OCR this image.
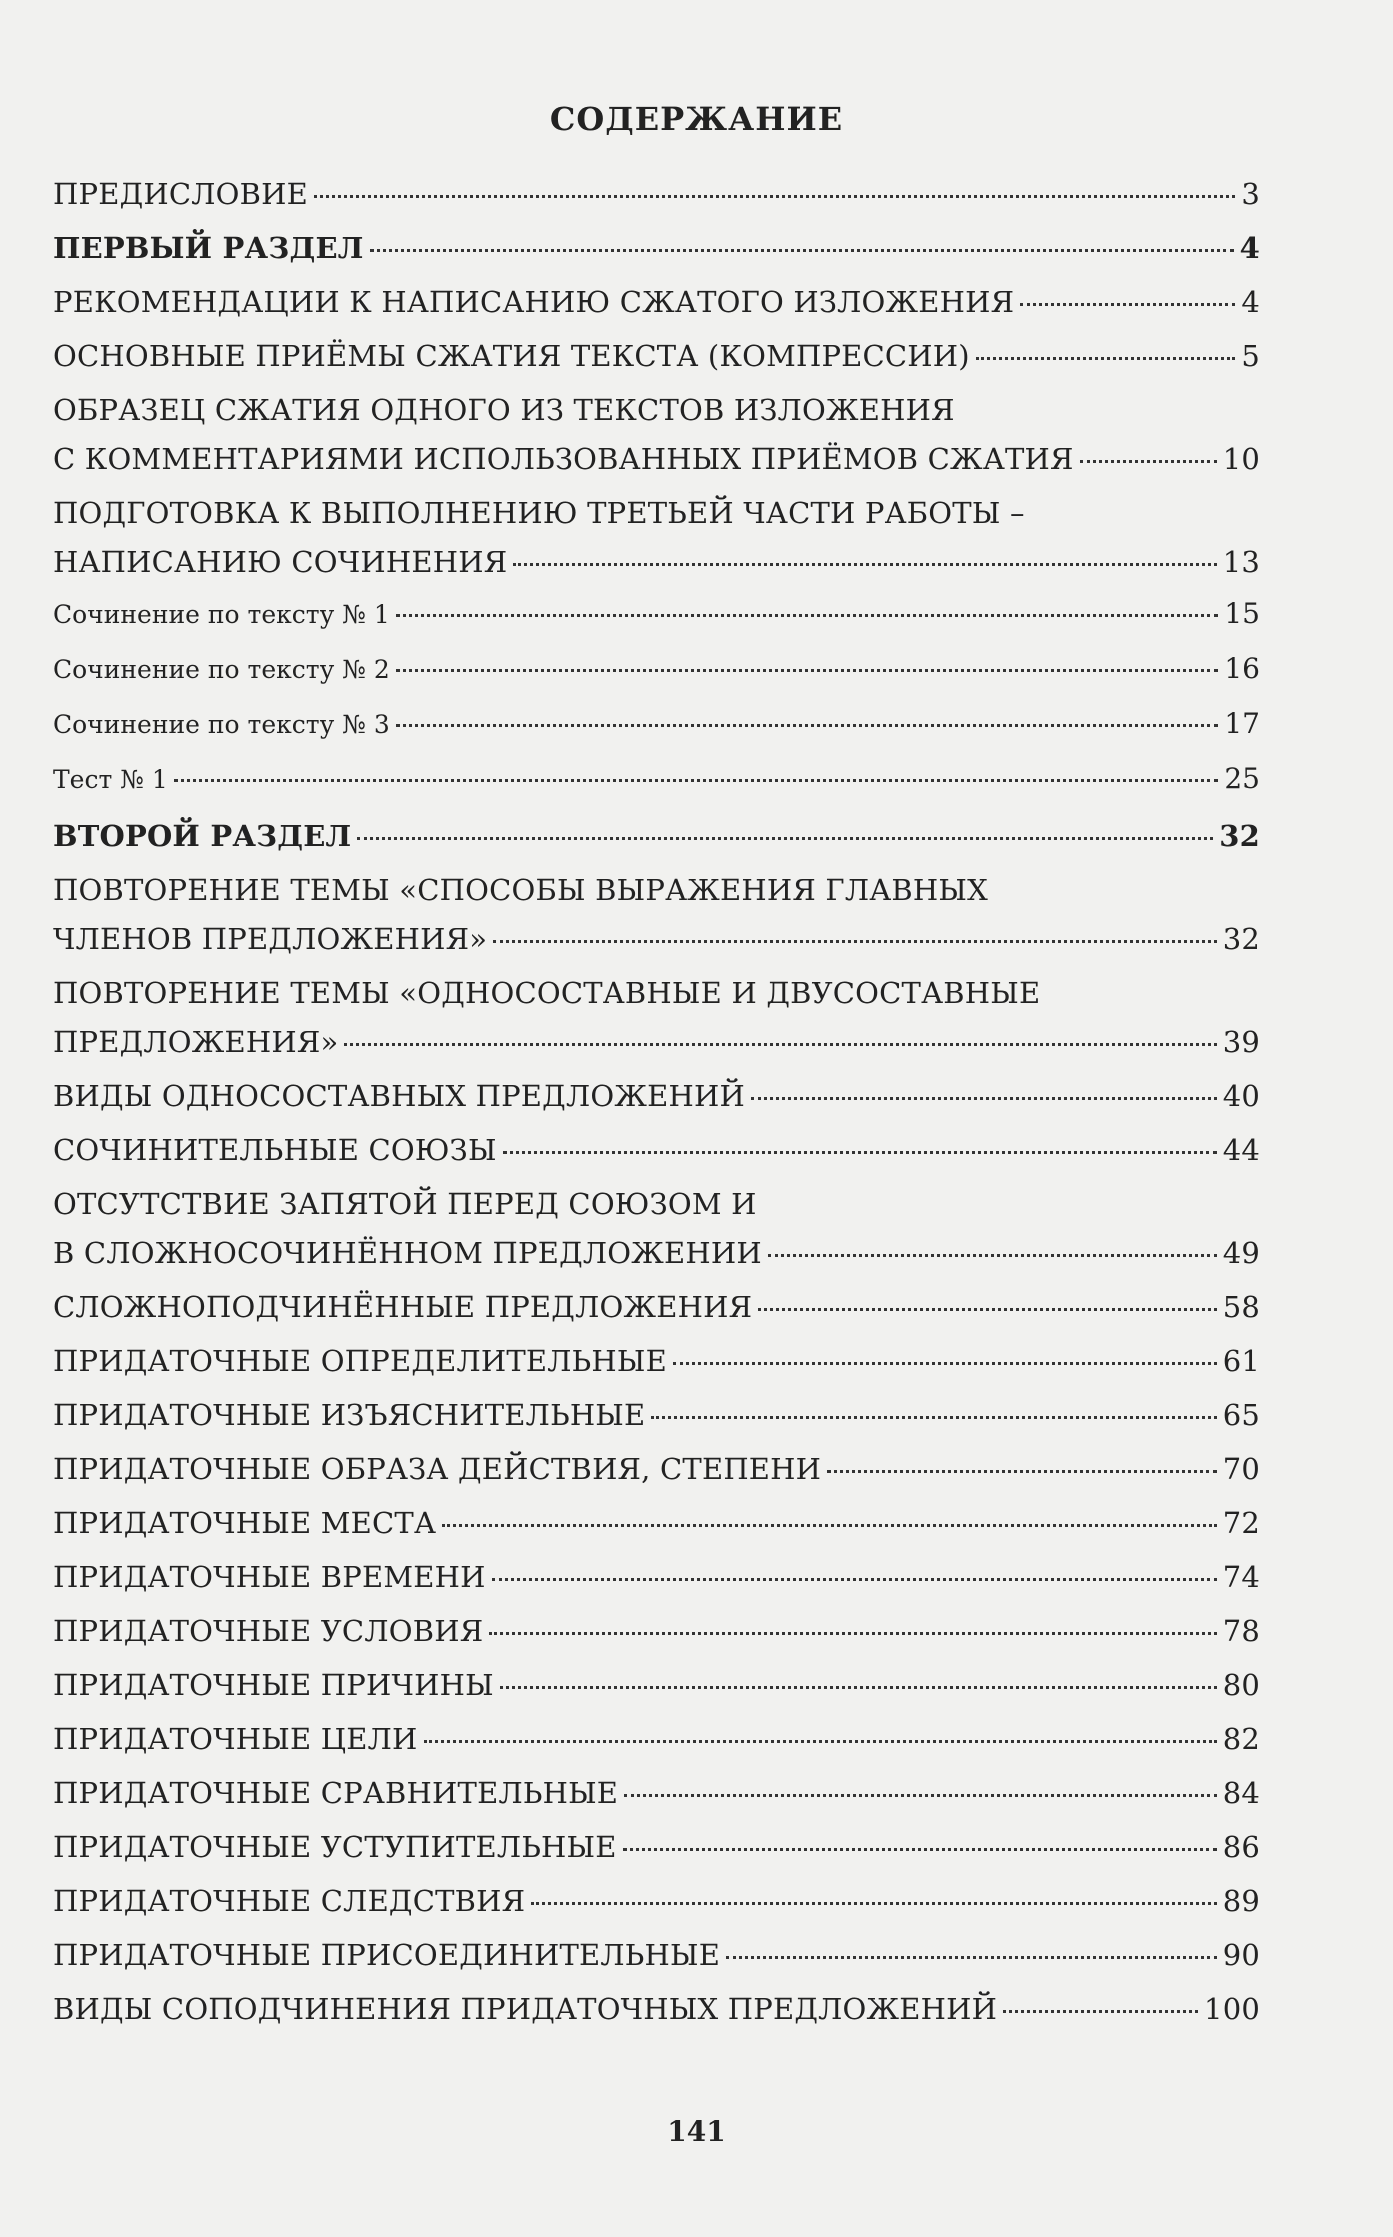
СОДЕРЖАНИЕ
ПРЕДИСЛОВИЕ	3
ПЕРВЫЙ РАЗДЕЛ	4
РЕКОМЕНДАЦИИ К НАПИСАНИЮ СЖАТОГО ИЗЛОЖЕНИЯ	4
ОСНОВНЫЕ ПРИЁМЫ СЖАТИЯ ТЕКСТА (КОМПРЕССИИ)	5
ОБРАЗЕЦ СЖАТИЯ ОДНОГО ИЗ ТЕКСТОВ ИЗЛОЖЕНИЯ
С КОММЕНТАРИЯМИ ИСПОЛЬЗОВАННЫХ ПРИЁМОВ СЖАТИЯ	10
ПОДГОТОВКА К ВЫПОЛНЕНИЮ ТРЕТЬЕЙ ЧАСТИ РАБОТЫ –
НАПИСАНИЮ СОЧИНЕНИЯ	13
Сочинение по тексту № 1	15
Сочинение по тексту № 2	16
Сочинение по тексту № 3	17
Тест № 1	25
ВТОРОЙ РАЗДЕЛ	32
ПОВТОРЕНИЕ ТЕМЫ «СПОСОБЫ ВЫРАЖЕНИЯ ГЛАВНЫХ
ЧЛЕНОВ ПРЕДЛОЖЕНИЯ»	32
ПОВТОРЕНИЕ ТЕМЫ «ОДНОСОСТАВНЫЕ И ДВУСОСТАВНЫЕ
ПРЕДЛОЖЕНИЯ»	39
ВИДЫ ОДНОСОСТАВНЫХ ПРЕДЛОЖЕНИЙ	40
СОЧИНИТЕЛЬНЫЕ СОЮЗЫ	44
ОТСУТСТВИЕ ЗАПЯТОЙ ПЕРЕД СОЮЗОМ И
В СЛОЖНОСОЧИНЁННОМ ПРЕДЛОЖЕНИИ	49
СЛОЖНОПОДЧИНЁННЫЕ ПРЕДЛОЖЕНИЯ	58
ПРИДАТОЧНЫЕ ОПРЕДЕЛИТЕЛЬНЫЕ	61
ПРИДАТОЧНЫЕ ИЗЪЯСНИТЕЛЬНЫЕ	65
ПРИДАТОЧНЫЕ ОБРАЗА ДЕЙСТВИЯ, СТЕПЕНИ	70
ПРИДАТОЧНЫЕ МЕСТА	72
ПРИДАТОЧНЫЕ ВРЕМЕНИ	74
ПРИДАТОЧНЫЕ УСЛОВИЯ	78
ПРИДАТОЧНЫЕ ПРИЧИНЫ	80
ПРИДАТОЧНЫЕ ЦЕЛИ	82
ПРИДАТОЧНЫЕ СРАВНИТЕЛЬНЫЕ	84
ПРИДАТОЧНЫЕ УСТУПИТЕЛЬНЫЕ	86
ПРИДАТОЧНЫЕ СЛЕДСТВИЯ	89
ПРИДАТОЧНЫЕ ПРИСОЕДИНИТЕЛЬНЫЕ	90
ВИДЫ СОПОДЧИНЕНИЯ ПРИДАТОЧНЫХ ПРЕДЛОЖЕНИЙ	100
141
